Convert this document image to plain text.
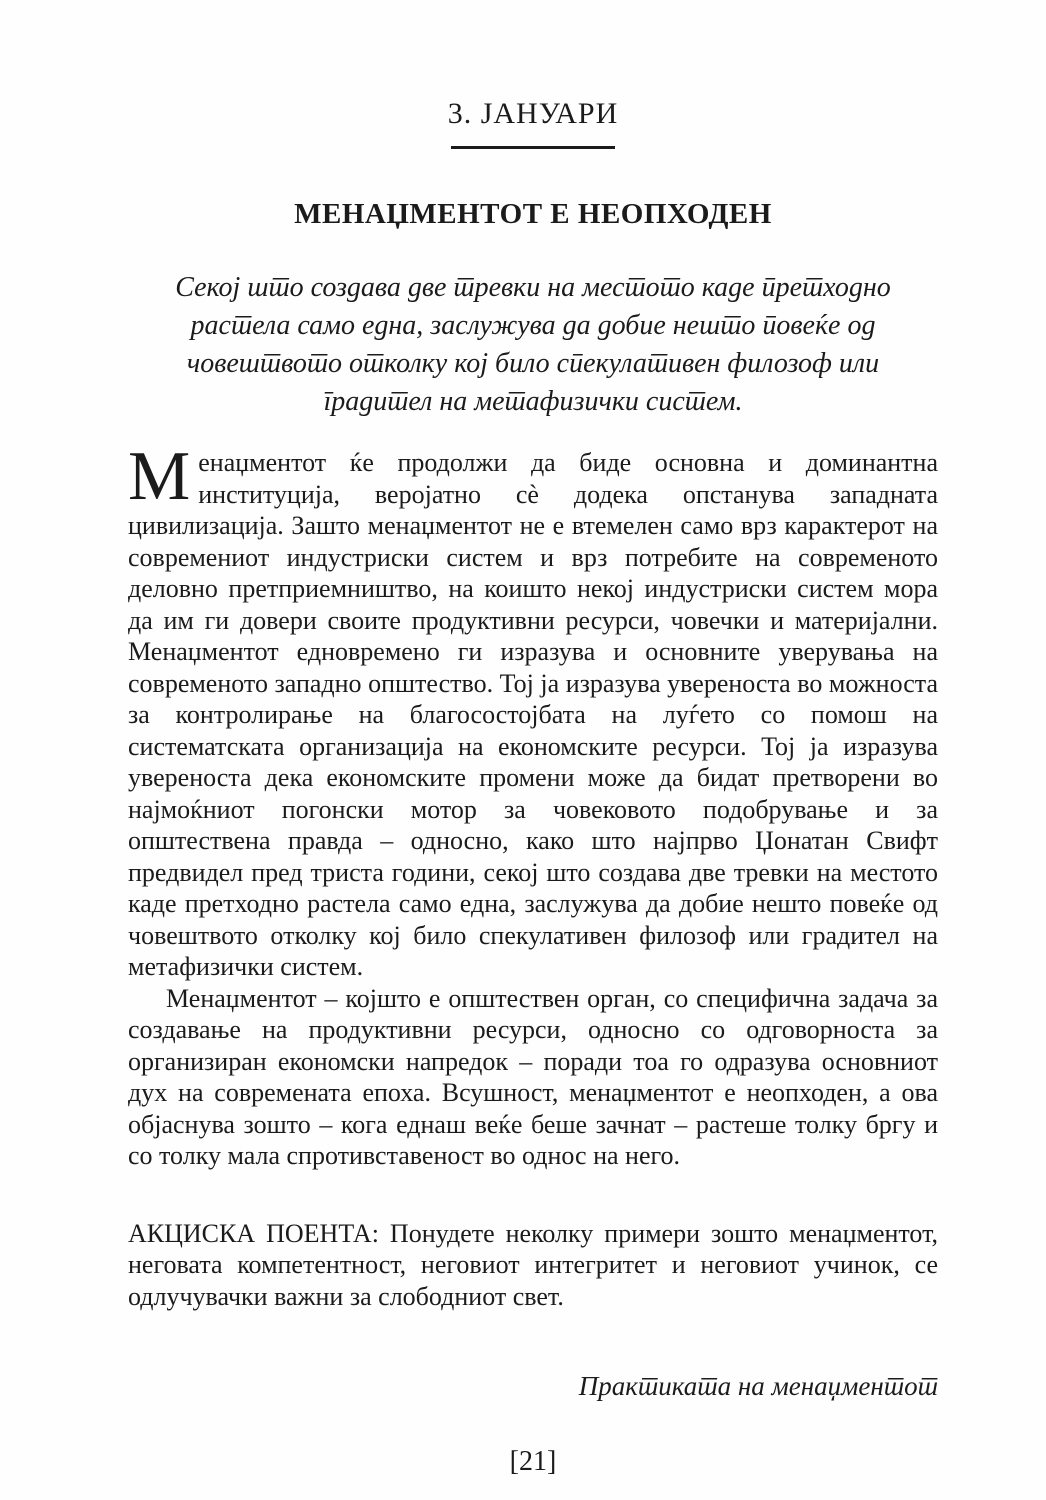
3. ЈАНУАРИ
МЕНАЏМЕНТОТ Е НЕОПХОДЕН
Секој што создава две тревки на местото каде претходно растела само една, заслужува да добие нешто повеќе од човештвото отколку кој било спекулативен филозоф или градител на метафизички систем.

Менаџментот ќе продолжи да биде основна и доминантна институција, веројатно сè додека опстанува западната цивилизација. Зашто менаџментот не е втемелен само врз карактерот на современиот индустриски систем и врз потребите на современото деловно претприемништво, на коишто некој индустриски систем мора да им ги довери своите продуктивни ресурси, човечки и материјални. Менаџментот едновремено ги изразува и основните уверувања на современото западно општество. Тој ја изразува увереноста во можноста за контролирање на благосостојбата на луѓето со помош на систематската организација на економските ресурси. Тој ја изразува увереноста дека економските промени може да бидат претворени во најмоќниот погонски мотор за човековото подобрување и за општествена правда – односно, како што најпрво Џонатан Свифт предвидел пред триста години, секој што создава две тревки на местото каде претходно растела само една, заслужува да добие нешто повеќе од човештвото отколку кој било спекулативен филозоф или градител на метафизички систем.

Менаџментот – којшто е општествен орган, со специфична задача за создавање на продуктивни ресурси, односно со одговорноста за организиран економски напредок – поради тоа го одразува основниот дух на современата епоха. Всушност, менаџментот е неопходен, а ова објаснува зошто – кога еднаш веќе беше зачнат – растеше толку бргу и со толку мала спротивставеност во однос на него.

АКЦИСКА ПОЕНТА: Понудете неколку примери зошто менаџментот, неговата компетентност, неговиот интегритет и неговиот учинок, се одлучувачки важни за слободниот свет.

Практиката на менаџментот
[21]
